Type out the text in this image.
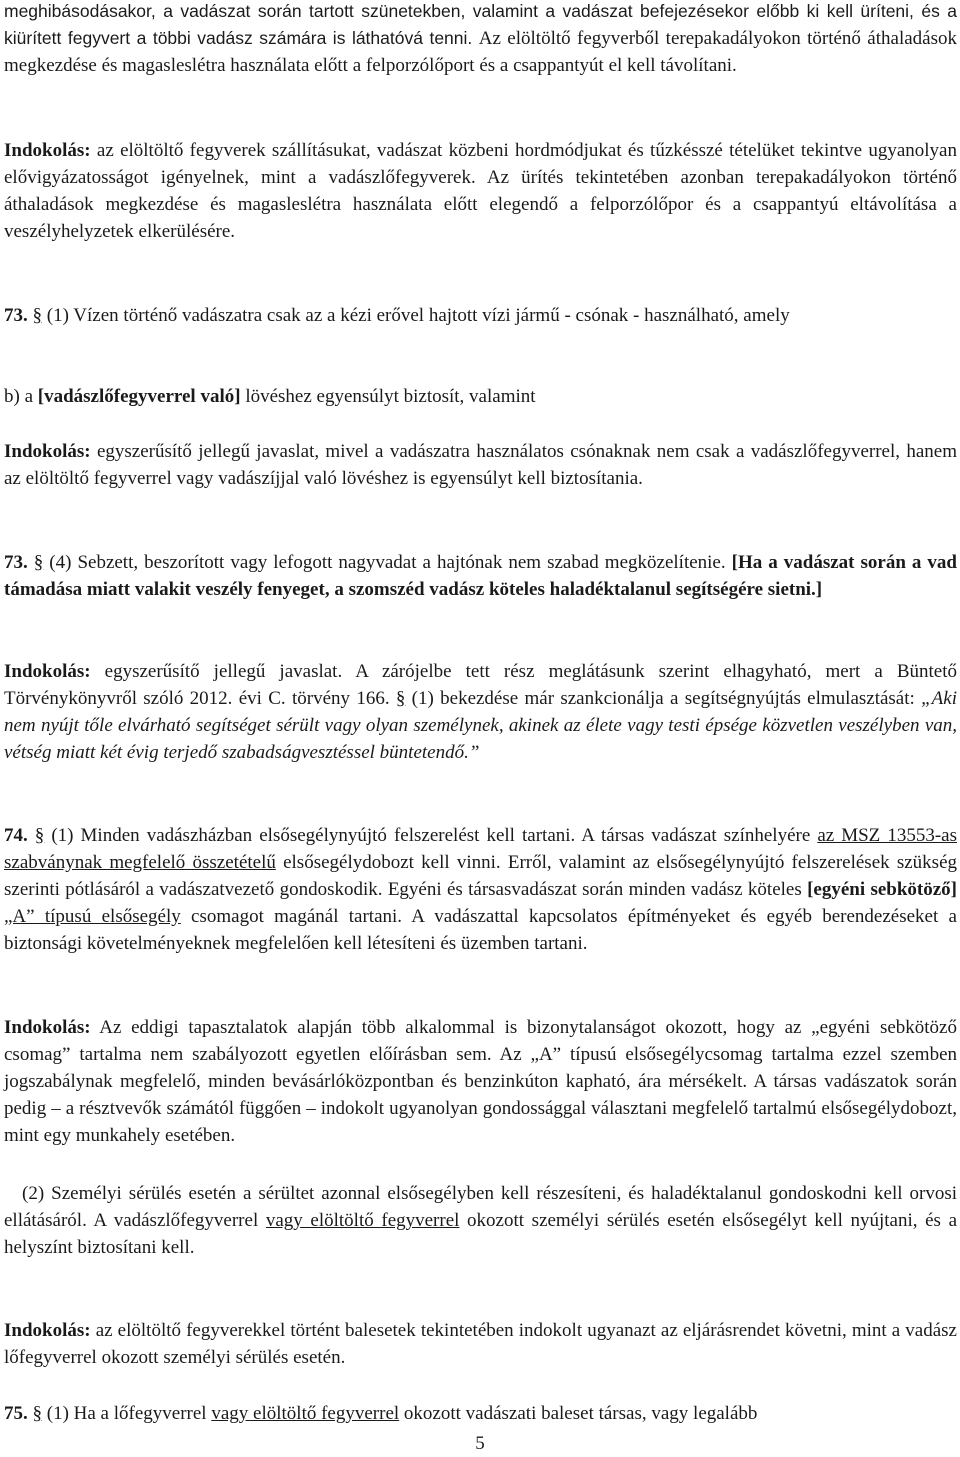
meghibásodásakor, a vadászat során tartott szünetekben, valamint a vadászat befejezésekor előbb ki kell üríteni, és a kiürített fegyvert a többi vadász számára is láthatóvá tenni. Az elöltöltő fegyverből terepakadályokon történő áthaladások megkezdése és magasleslétra használata előtt a felporzólőport és a csappantyút el kell távolítani.

Indokolás: az elöltöltő fegyverek szállításukat, vadászat közbeni hordmódjukat és tűzkésszé tételüket tekintve ugyanolyan elővigyázatosságot igényelnek, mint a vadászlőfegyverek. Az ürítés tekintetében azonban terepakadályokon történő áthaladások megkezdése és magasleslétra használata előtt elegendő a felporzólőpor és a csappantyú eltávolítása a veszélyhelyzetek elkerülésére.

73. § (1) Vízen történő vadászatra csak az a kézi erővel hajtott vízi jármű - csónak - használható, amely

b) a [vadászlőfegyverrel való] lövéshez egyensúlyt biztosít, valamint

Indokolás: egyszerűsítő jellegű javaslat, mivel a vadászatra használatos csónaknak nem csak a vadászlőfegyverrel, hanem az elöltöltő fegyverrel vagy vadászíjjal való lövéshez is egyensúlyt kell biztosítania.

73. § (4) Sebzett, beszorított vagy lefogott nagyvadat a hajtónak nem szabad megközelítenie. [Ha a vadászat során a vad támadása miatt valakit veszély fenyeget, a szomszéd vadász köteles haladéktalanul segítségére sietni.]

Indokolás: egyszerűsítő jellegű javaslat. A zárójelbe tett rész meglátásunk szerint elhagyható, mert a Büntető Törvénykönyvről szóló 2012. évi C. törvény 166. § (1) bekezdése már szankcionálja a segítségnyújtás elmulasztását: „Aki nem nyújt tőle elvárható segítséget sérült vagy olyan személynek, akinek az élete vagy testi épsége közvetlen veszélyben van, vétség miatt két évig terjedő szabadságvesztéssel büntetendő.”

74. § (1) Minden vadászházban elsősegélynyújtó felszerelést kell tartani. A társas vadászat színhelyére az MSZ 13553-as szabványnak megfelelő összetételű elsősegélydobozt kell vinni. Erről, valamint az elsősegélynyújtó felszerelések szükség szerinti pótlásáról a vadászatvezető gondoskodik. Egyéni és társasvadászat során minden vadász köteles [egyéni sebkötöző] „A” típusú elsősegély csomagot magánál tartani. A vadászattal kapcsolatos építményeket és egyéb berendezéseket a biztonsági követelményeknek megfelelően kell létesíteni és üzemben tartani.

Indokolás: Az eddigi tapasztalatok alapján több alkalommal is bizonytalanságot okozott, hogy az „egyéni sebkötöző csomag” tartalma nem szabályozott egyetlen előírásban sem. Az „A” típusú elsősegélycsomag tartalma ezzel szemben jogszabálynak megfelelő, minden bevásárlóközpontban és benzinkúton kapható, ára mérsékelt. A társas vadászatok során pedig – a résztvevők számától függően – indokolt ugyanolyan gondossággal választani megfelelő tartalmú elsősegélydobozt, mint egy munkahely esetében.

(2) Személyi sérülés esetén a sérültet azonnal elsősegélyben kell részesíteni, és haladéktalanul gondoskodni kell orvosi ellátásáról. A vadászlőfegyverrel vagy elöltöltő fegyverrel okozott személyi sérülés esetén elsősegélyt kell nyújtani, és a helyszínt biztosítani kell.

Indokolás: az elöltöltő fegyverekkel történt balesetek tekintetében indokolt ugyanazt az eljárásrendet követni, mint a vadász lőfegyverrel okozott személyi sérülés esetén.

75. § (1) Ha a lőfegyverrel vagy elöltöltő fegyverrel okozott vadászati baleset társas, vagy legalább

5
